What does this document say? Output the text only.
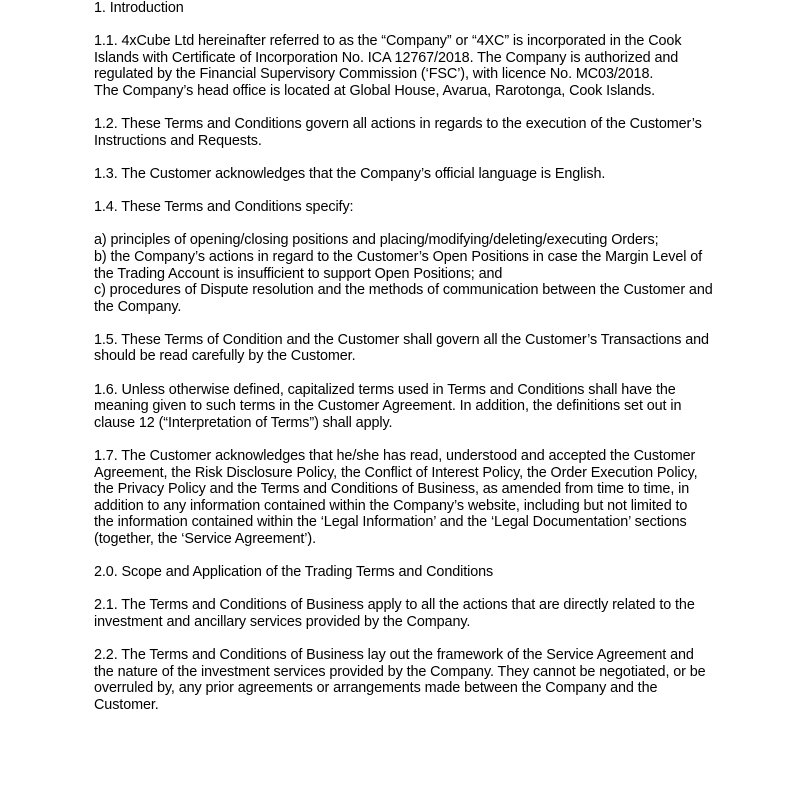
1. Introduction
1.1. 4xCube Ltd hereinafter referred to as the “Company” or “4XC” is incorporated in the Cook
Islands with Certificate of Incorporation No. ICA 12767/2018. The Company is authorized and
regulated by the Financial Supervisory Commission (‘FSC’), with licence No. MC03/2018.
The Company’s head office is located at Global House, Avarua, Rarotonga, Cook Islands.
1.2. These Terms and Conditions govern all actions in regards to the execution of the Customer’s
Instructions and Requests.
1.3. The Customer acknowledges that the Company’s official language is English.
1.4. These Terms and Conditions specify:
a) principles of opening/closing positions and placing/modifying/deleting/executing Orders;
b) the Company’s actions in regard to the Customer’s Open Positions in case the Margin Level of
the Trading Account is insufficient to support Open Positions; and
c) procedures of Dispute resolution and the methods of communication between the Customer and
the Company.
1.5. These Terms of Condition and the Customer shall govern all the Customer’s Transactions and
should be read carefully by the Customer.
1.6. Unless otherwise defined, capitalized terms used in Terms and Conditions shall have the
meaning given to such terms in the Customer Agreement. In addition, the definitions set out in
clause 12 (“Interpretation of Terms”) shall apply.
1.7. The Customer acknowledges that he/she has read, understood and accepted the Customer
Agreement, the Risk Disclosure Policy, the Conflict of Interest Policy, the Order Execution Policy,
the Privacy Policy and the Terms and Conditions of Business, as amended from time to time, in
addition to any information contained within the Company’s website, including but not limited to
the information contained within the ‘Legal Information’ and the ‘Legal Documentation’ sections
(together, the ‘Service Agreement’).
2.0. Scope and Application of the Trading Terms and Conditions
2.1. The Terms and Conditions of Business apply to all the actions that are directly related to the
investment and ancillary services provided by the Company.
2.2. The Terms and Conditions of Business lay out the framework of the Service Agreement and
the nature of the investment services provided by the Company. They cannot be negotiated, or be
overruled by, any prior agreements or arrangements made between the Company and the
Customer.
